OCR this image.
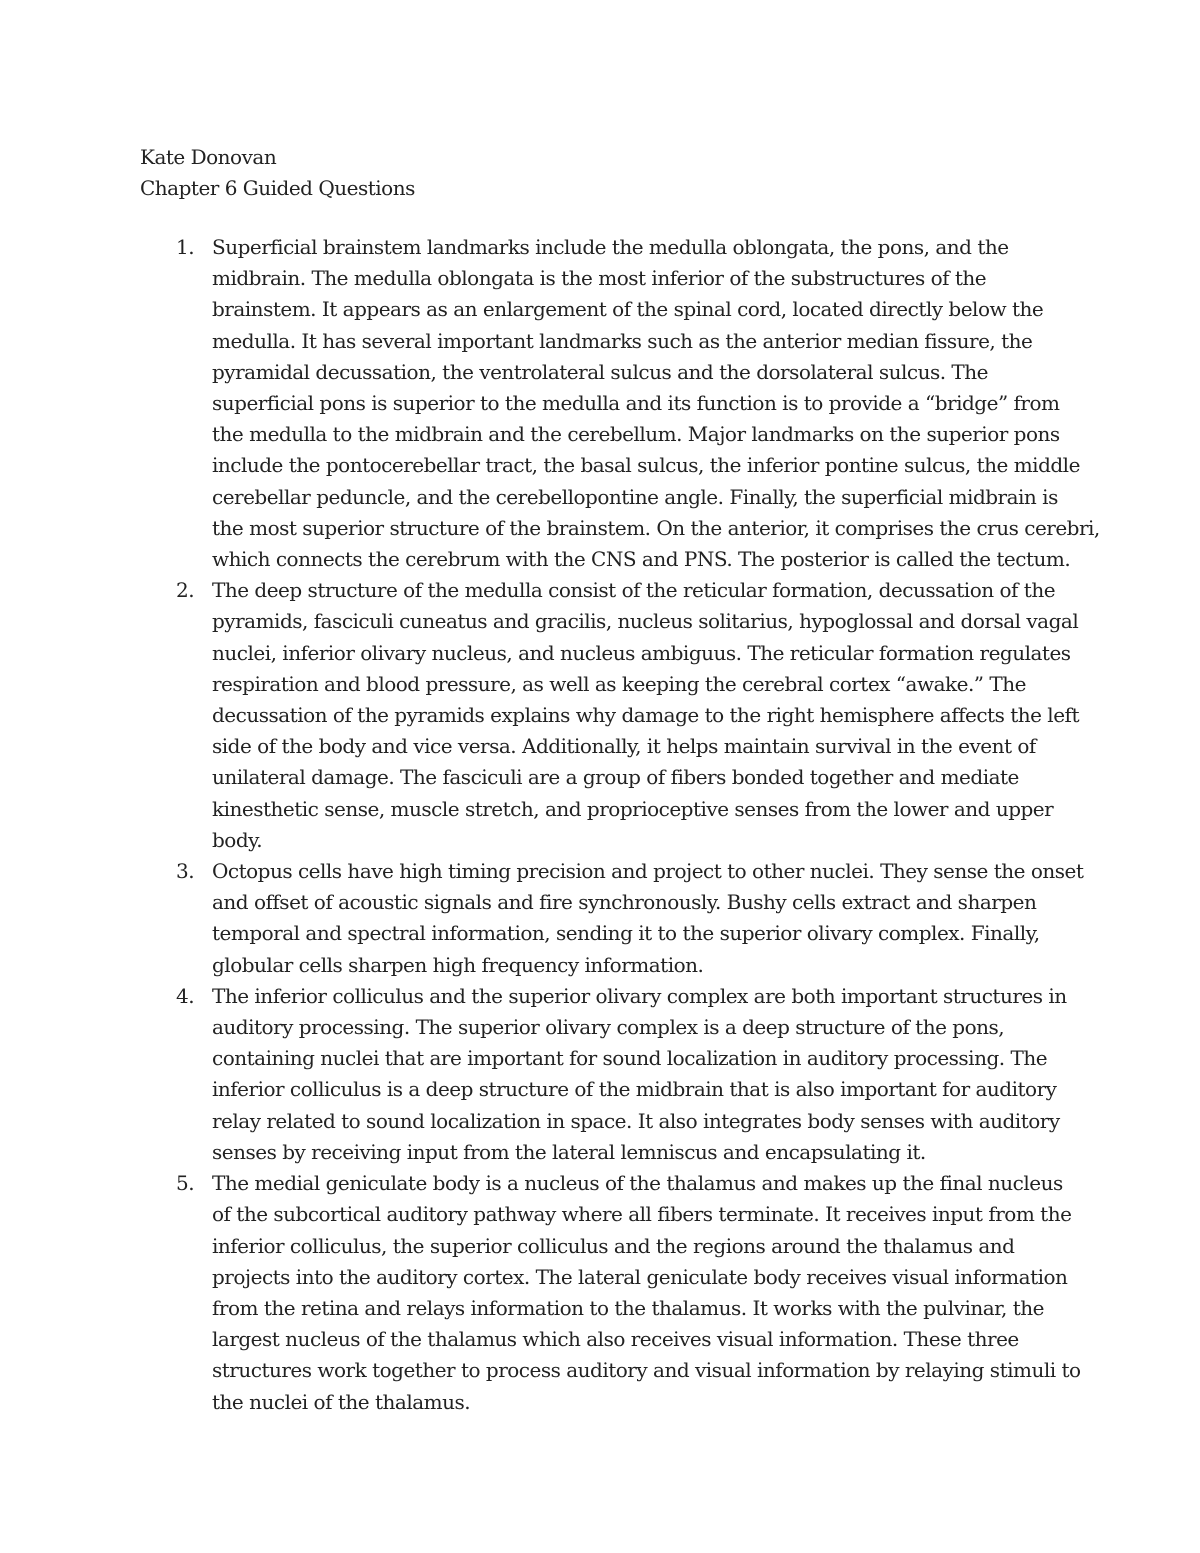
Kate Donovan
Chapter 6 Guided Questions
1. Superficial brainstem landmarks include the medulla oblongata, the pons, and the
midbrain. The medulla oblongata is the most inferior of the substructures of the
brainstem. It appears as an enlargement of the spinal cord, located directly below the
medulla. It has several important landmarks such as the anterior median fissure, the
pyramidal decussation, the ventrolateral sulcus and the dorsolateral sulcus. The
superficial pons is superior to the medulla and its function is to provide a “bridge” from
the medulla to the midbrain and the cerebellum. Major landmarks on the superior pons
include the pontocerebellar tract, the basal sulcus, the inferior pontine sulcus, the middle
cerebellar peduncle, and the cerebellopontine angle. Finally, the superficial midbrain is
the most superior structure of the brainstem. On the anterior, it comprises the crus cerebri,
which connects the cerebrum with the CNS and PNS. The posterior is called the tectum.
2. The deep structure of the medulla consist of the reticular formation, decussation of the
pyramids, fasciculi cuneatus and gracilis, nucleus solitarius, hypoglossal and dorsal vagal
nuclei, inferior olivary nucleus, and nucleus ambiguus. The reticular formation regulates
respiration and blood pressure, as well as keeping the cerebral cortex “awake.” The
decussation of the pyramids explains why damage to the right hemisphere affects the left
side of the body and vice versa. Additionally, it helps maintain survival in the event of
unilateral damage. The fasciculi are a group of fibers bonded together and mediate
kinesthetic sense, muscle stretch, and proprioceptive senses from the lower and upper
body.
3. Octopus cells have high timing precision and project to other nuclei. They sense the onset
and offset of acoustic signals and fire synchronously. Bushy cells extract and sharpen
temporal and spectral information, sending it to the superior olivary complex. Finally,
globular cells sharpen high frequency information.
4. The inferior colliculus and the superior olivary complex are both important structures in
auditory processing. The superior olivary complex is a deep structure of the pons,
containing nuclei that are important for sound localization in auditory processing. The
inferior colliculus is a deep structure of the midbrain that is also important for auditory
relay related to sound localization in space. It also integrates body senses with auditory
senses by receiving input from the lateral lemniscus and encapsulating it.
5. The medial geniculate body is a nucleus of the thalamus and makes up the final nucleus
of the subcortical auditory pathway where all fibers terminate. It receives input from the
inferior colliculus, the superior colliculus and the regions around the thalamus and
projects into the auditory cortex. The lateral geniculate body receives visual information
from the retina and relays information to the thalamus. It works with the pulvinar, the
largest nucleus of the thalamus which also receives visual information. These three
structures work together to process auditory and visual information by relaying stimuli to
the nuclei of the thalamus.
